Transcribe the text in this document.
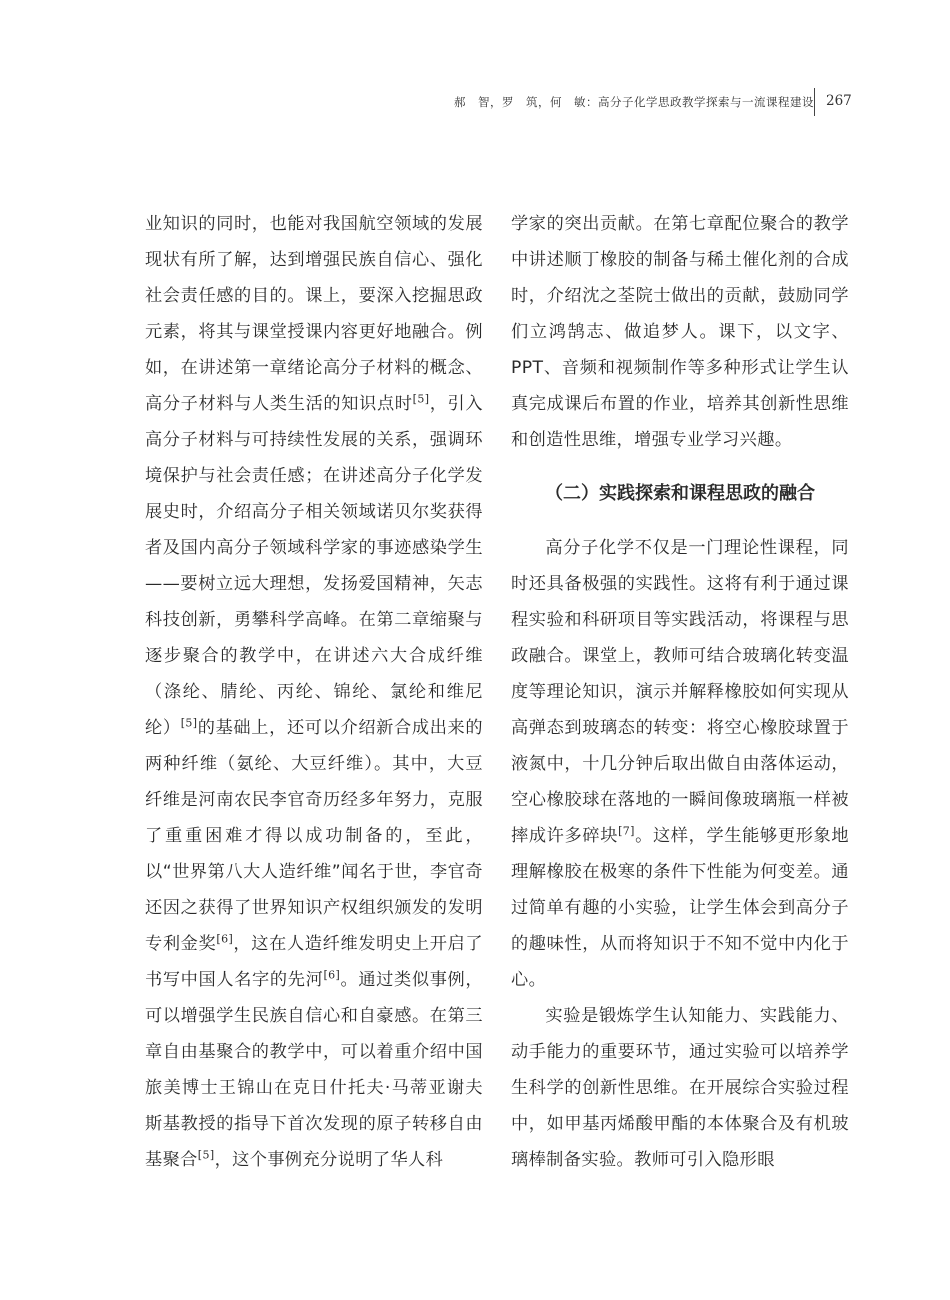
郝　智，罗　筑，何　敏：高分子化学思政教学探索与一流课程建设 267

业知识的同时，也能对我国航空领域的发展现状有所了解，达到增强民族自信心、强化社会责任感的目的。课上，要深入挖掘思政元素，将其与课堂授课内容更好地融合。例如，在讲述第一章绪论高分子材料的概念、高分子材料与人类生活的知识点时[5]，引入高分子材料与可持续性发展的关系，强调环境保护与社会责任感；在讲述高分子化学发展史时，介绍高分子相关领域诺贝尔奖获得者及国内高分子领域科学家的事迹感染学生——要树立远大理想，发扬爱国精神，矢志科技创新，勇攀科学高峰。在第二章缩聚与逐步聚合的教学中，在讲述六大合成纤维（涤纶、腈纶、丙纶、锦纶、氯纶和维尼纶）[5]的基础上，还可以介绍新合成出来的两种纤维（氨纶、大豆纤维）。其中，大豆纤维是河南农民李官奇历经多年努力，克服了重重困难才得以成功制备的，至此，以“世界第八大人造纤维”闻名于世，李官奇还因之获得了世界知识产权组织颁发的发明专利金奖[6]，这在人造纤维发明史上开启了书写中国人名字的先河[6]。通过类似事例，可以增强学生民族自信心和自豪感。在第三章自由基聚合的教学中，可以着重介绍中国旅美博士王锦山在克日什托夫·马蒂亚谢夫斯基教授的指导下首次发现的原子转移自由基聚合[5]，这个事例充分说明了华人科

学家的突出贡献。在第七章配位聚合的教学中讲述顺丁橡胶的制备与稀土催化剂的合成时，介绍沈之荃院士做出的贡献，鼓励同学们立鸿鹄志、做追梦人。课下，以文字、PPT、音频和视频制作等多种形式让学生认真完成课后布置的作业，培养其创新性思维和创造性思维，增强专业学习兴趣。

（二）实践探索和课程思政的融合

高分子化学不仅是一门理论性课程，同时还具备极强的实践性。这将有利于通过课程实验和科研项目等实践活动，将课程与思政融合。课堂上，教师可结合玻璃化转变温度等理论知识，演示并解释橡胶如何实现从高弹态到玻璃态的转变：将空心橡胶球置于液氮中，十几分钟后取出做自由落体运动，空心橡胶球在落地的一瞬间像玻璃瓶一样被摔成许多碎块[7]。这样，学生能够更形象地理解橡胶在极寒的条件下性能为何变差。通过简单有趣的小实验，让学生体会到高分子的趣味性，从而将知识于不知不觉中内化于心。

实验是锻炼学生认知能力、实践能力、动手能力的重要环节，通过实验可以培养学生科学的创新性思维。在开展综合实验过程中，如甲基丙烯酸甲酯的本体聚合及有机玻璃棒制备实验。教师可引入隐形眼
